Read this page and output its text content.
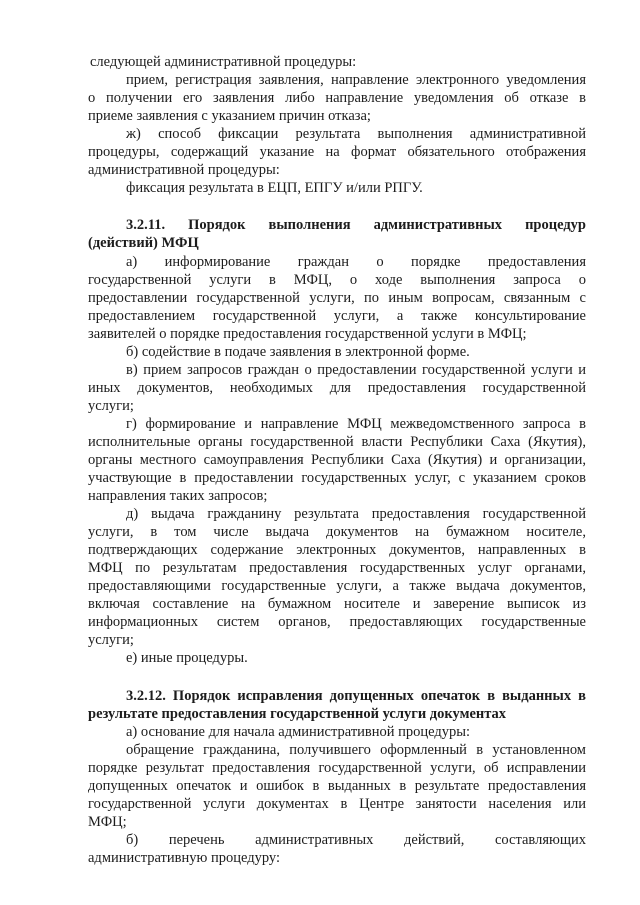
следующей административной процедуры:
прием, регистрация заявления, направление электронного уведомления
о получении его заявления либо направление уведомления об отказе в
приеме заявления с указанием причин отказа;
ж) способ фиксации результата выполнения административной
процедуры, содержащий указание на формат обязательного отображения
административной процедуры:
фиксация результата в ЕЦП, ЕПГУ и/или РПГУ.
3.2.11. Порядок выполнения административных процедур
(действий) МФЦ
а) информирование граждан о порядке предоставления
государственной услуги в МФЦ, о ходе выполнения запроса о
предоставлении государственной услуги, по иным вопросам, связанным с
предоставлением государственной услуги, а также консультирование
заявителей о порядке предоставления государственной услуги в МФЦ;
б) содействие в подаче заявления в электронной форме.
в) прием запросов граждан о предоставлении государственной услуги и
иных документов, необходимых для предоставления государственной
услуги;
г) формирование и направление МФЦ межведомственного запроса в
исполнительные органы государственной власти Республики Саха (Якутия),
органы местного самоуправления Республики Саха (Якутия) и организации,
участвующие в предоставлении государственных услуг, с указанием сроков
направления таких запросов;
д) выдача гражданину результата предоставления государственной
услуги, в том числе выдача документов на бумажном носителе,
подтверждающих содержание электронных документов, направленных в
МФЦ по результатам предоставления государственных услуг органами,
предоставляющими государственные услуги, а также выдача документов,
включая составление на бумажном носителе и заверение выписок из
информационных систем органов, предоставляющих государственные
услуги;
е) иные процедуры.
3.2.12. Порядок исправления допущенных опечаток в выданных в
результате предоставления государственной услуги документах
а) основание для начала административной процедуры:
обращение гражданина, получившего оформленный в установленном
порядке результат предоставления государственной услуги, об исправлении
допущенных опечаток и ошибок в выданных в результате предоставления
государственной услуги документах в Центре занятости населения или
МФЦ;
б) перечень административных действий, составляющих
административную процедуру:
